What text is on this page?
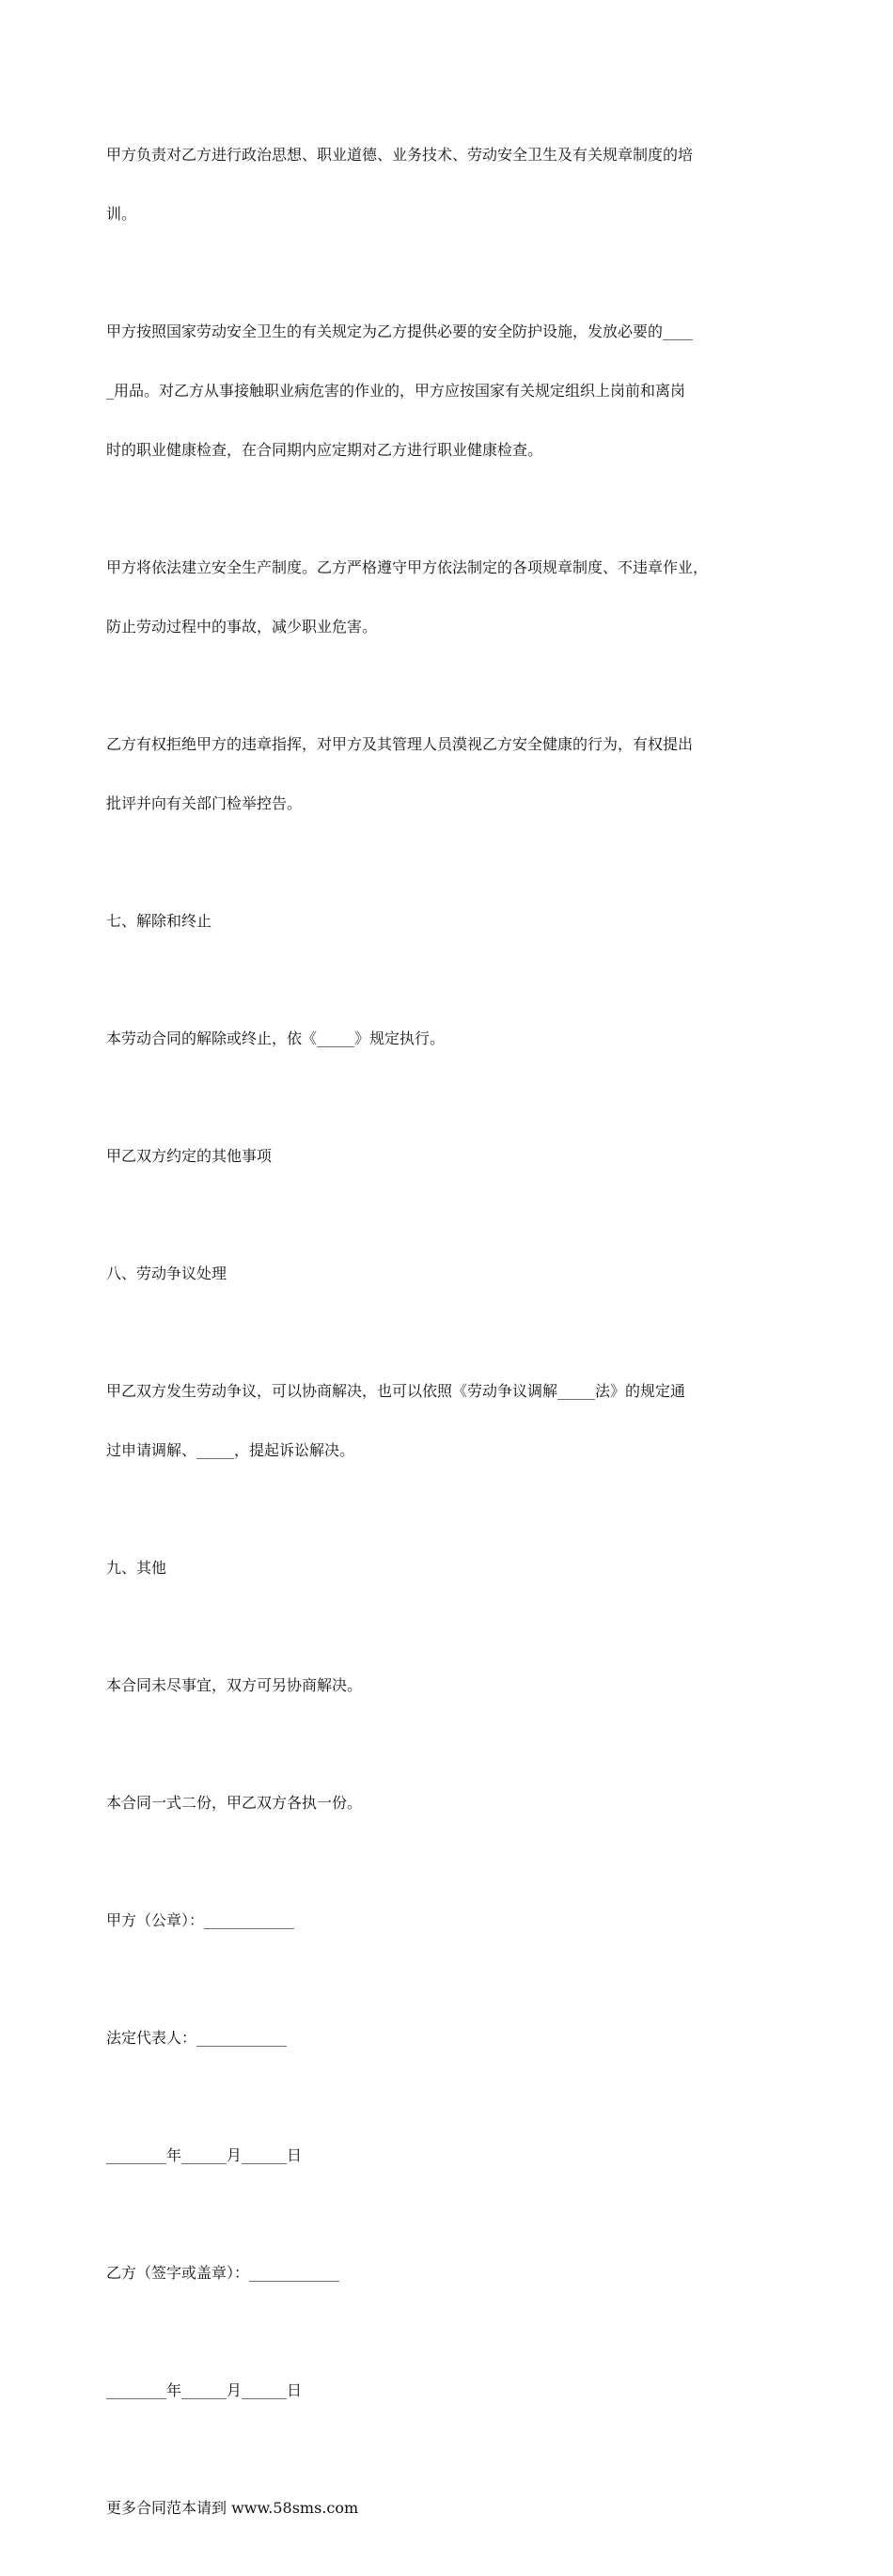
甲方负责对乙方进行政治思想、职业道德、业务技术、劳动安全卫生及有关规章制度的培

训。

甲方按照国家劳动安全卫生的有关规定为乙方提供必要的安全防护设施，发放必要的____

_用品。对乙方从事接触职业病危害的作业的，甲方应按国家有关规定组织上岗前和离岗

时的职业健康检查，在合同期内应定期对乙方进行职业健康检查。

甲方将依法建立安全生产制度。乙方严格遵守甲方依法制定的各项规章制度、不违章作业，

防止劳动过程中的事故，减少职业危害。

乙方有权拒绝甲方的违章指挥，对甲方及其管理人员漠视乙方安全健康的行为，有权提出

批评并向有关部门检举控告。

七、解除和终止

本劳动合同的解除或终止，依《_____》规定执行。

甲乙双方约定的其他事项

八、劳动争议处理

甲乙双方发生劳动争议，可以协商解决，也可以依照《劳动争议调解_____法》的规定通

过申请调解、_____，提起诉讼解决。

九、其他

本合同未尽事宜，双方可另协商解决。

本合同一式二份，甲乙双方各执一份。

甲方（公章）：____________

法定代表人：____________

________年______月______日

乙方（签字或盖章）：____________

________年______月______日

更多合同范本请到 www.58sms.com
